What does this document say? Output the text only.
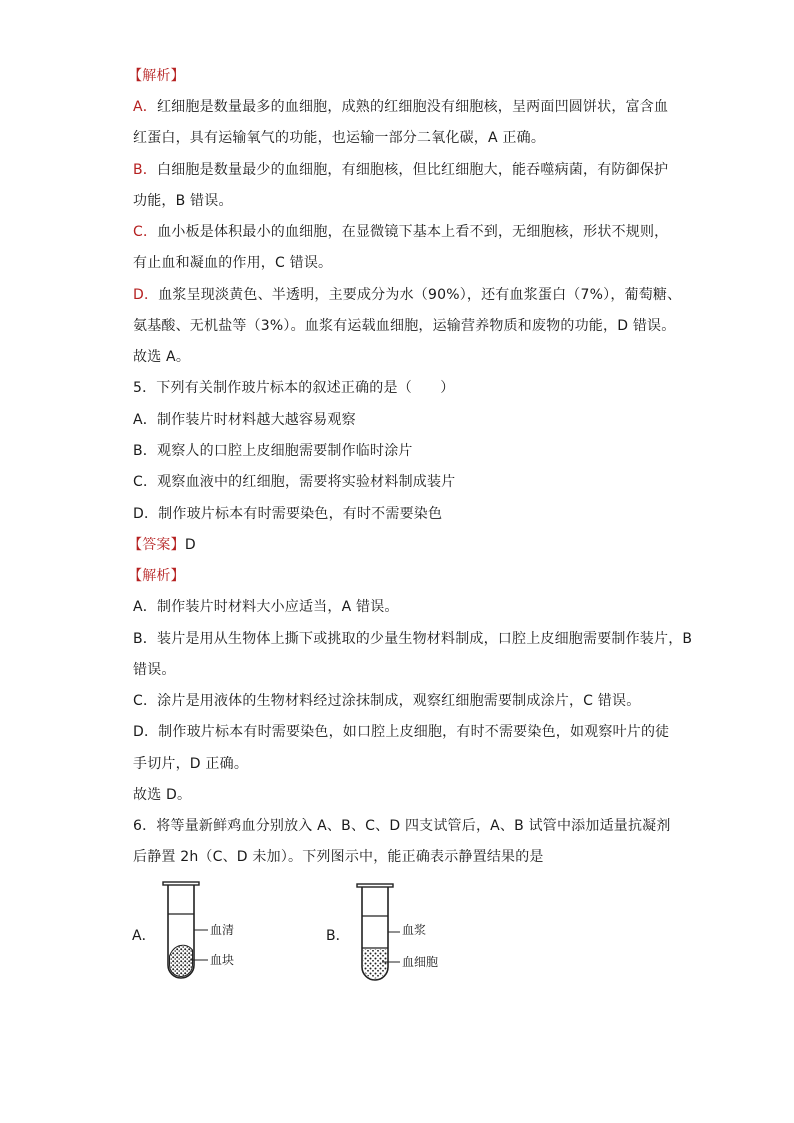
【解析】
A．红细胞是数量最多的血细胞，成熟的红细胞没有细胞核，呈两面凹圆饼状，富含血
红蛋白，具有运输氧气的功能，也运输一部分二氧化碳，A 正确。
B．白细胞是数量最少的血细胞，有细胞核，但比红细胞大，能吞噬病菌，有防御保护
功能，B 错误。
C．血小板是体积最小的血细胞，在显微镜下基本上看不到，无细胞核，形状不规则，
有止血和凝血的作用，C 错误。
D．血浆呈现淡黄色、半透明，主要成分为水（90%），还有血浆蛋白（7%），葡萄糖、
氨基酸、无机盐等（3%）。血浆有运载血细胞，运输营养物质和废物的功能，D 错误。
故选 A。
5．下列有关制作玻片标本的叙述正确的是（　　）
A．制作装片时材料越大越容易观察
B．观察人的口腔上皮细胞需要制作临时涂片
C．观察血液中的红细胞，需要将实验材料制成装片
D．制作玻片标本有时需要染色，有时不需要染色
【答案】D
【解析】
A．制作装片时材料大小应适当，A 错误。
B．装片是用从生物体上撕下或挑取的少量生物材料制成，口腔上皮细胞需要制作装片，B
错误。
C．涂片是用液体的生物材料经过涂抹制成，观察红细胞需要制成涂片，C 错误。
D．制作玻片标本有时需要染色，如口腔上皮细胞，有时不需要染色，如观察叶片的徒
手切片，D 正确。
故选 D。
6．将等量新鲜鸡血分别放入 A、B、C、D 四支试管后，A、B 试管中添加适量抗凝剂
后静置 2h（C、D 未加）。下列图示中，能正确表示静置结果的是
A．	血清
血块
B．	血浆
血细胞
